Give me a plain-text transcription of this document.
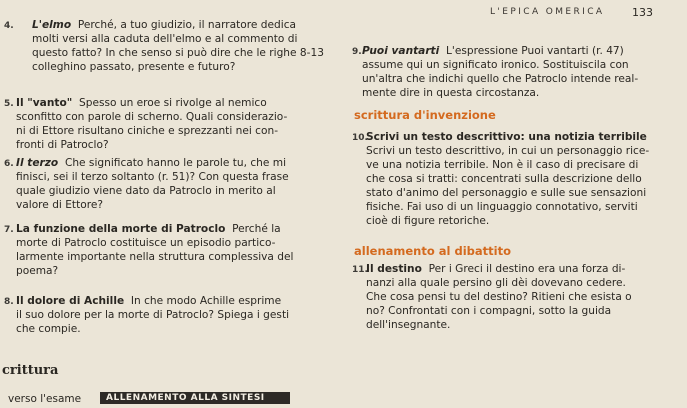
L'EPICA OMERICA	133
4. L'elmo Perché, a tuo giudizio, il narratore dedica
molti versi alla caduta dell'elmo e al commento di
questo fatto? In che senso si può dire che le righe 8-13
colleghino passato, presente e futuro?
5. Il "vanto" Spesso un eroe si rivolge al nemico
sconfitto con parole di scherno. Quali considerazio-
ni di Ettore risultano ciniche e sprezzanti nei con-
fronti di Patroclo?
6. Il terzo Che significato hanno le parole tu, che mi
finisci, sei il terzo soltanto (r. 51)? Con questa frase
quale giudizio viene dato da Patroclo in merito al
valore di Ettore?
7. La funzione della morte di Patroclo Perché la
morte di Patroclo costituisce un episodio partico-
larmente importante nella struttura complessiva del
poema?
8. Il dolore di Achille In che modo Achille esprime
il suo dolore per la morte di Patroclo? Spiega i gesti
che compie.
crittura
verso l'esame	ALLENAMENTO ALLA SINTESI
9. Puoi vantarti L'espressione Puoi vantarti (r. 47)
assume qui un significato ironico. Sostituiscila con
un'altra che indichi quello che Patroclo intende real-
mente dire in questa circostanza.
scrittura d'invenzione
10.
Scrivi un testo descrittivo: una notizia terribile
Scrivi un testo descrittivo, in cui un personaggio rice-
ve una notizia terribile. Non è il caso di precisare di
che cosa si tratti: concentrati sulla descrizione dello
stato d'animo del personaggio e sulle sue sensazioni
fisiche. Fai uso di un linguaggio connotativo, serviti
cioè di figure retoriche.
allenamento al dibattito
11.
Il destino Per i Greci il destino era una forza di-
nanzi alla quale persino gli dèi dovevano cedere.
Che cosa pensi tu del destino? Ritieni che esista o
no? Confrontati con i compagni, sotto la guida
dell'insegnante.
